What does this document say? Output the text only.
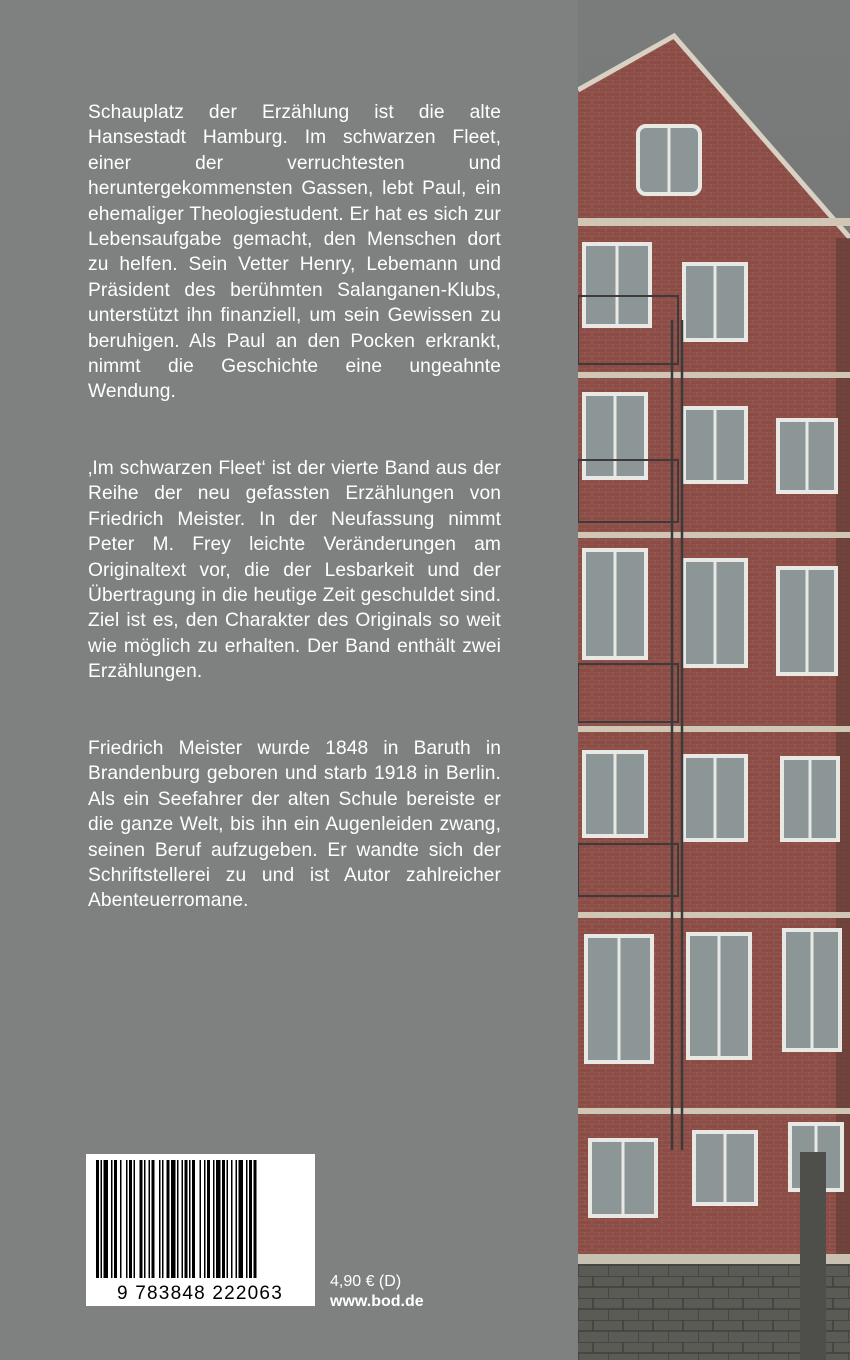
Schauplatz der Erzählung ist die alte Hansestadt Hamburg. Im schwarzen Fleet, einer der verruchtesten und heruntergekommensten Gassen, lebt Paul, ein ehemaliger Theologiestudent. Er hat es sich zur Lebensaufgabe gemacht, den Menschen dort zu helfen. Sein Vetter Henry, Lebemann und Präsident des berühmten Salanganen-Klubs, unterstützt ihn finanziell, um sein Gewissen zu beruhigen. Als Paul an den Pocken erkrankt, nimmt die Geschichte eine ungeahnte Wendung.

‚Im schwarzen Fleet‘ ist der vierte Band aus der Reihe der neu gefassten Erzählungen von Friedrich Meister. In der Neufassung nimmt Peter M. Frey leichte Veränderungen am Originaltext vor, die der Lesbarkeit und der Übertragung in die heutige Zeit geschuldet sind. Ziel ist es, den Charakter des Originals so weit wie möglich zu erhalten. Der Band enthält zwei Erzählungen.

Friedrich Meister wurde 1848 in Baruth in Brandenburg geboren und starb 1918 in Berlin. Als ein Seefahrer der alten Schule bereiste er die ganze Welt, bis ihn ein Augenleiden zwang, seinen Beruf aufzugeben. Er wandte sich der Schriftstellerei zu und ist Autor zahlreicher Abenteuerromane.

9 783848 222063
4,90 € (D)
www.bod.de
